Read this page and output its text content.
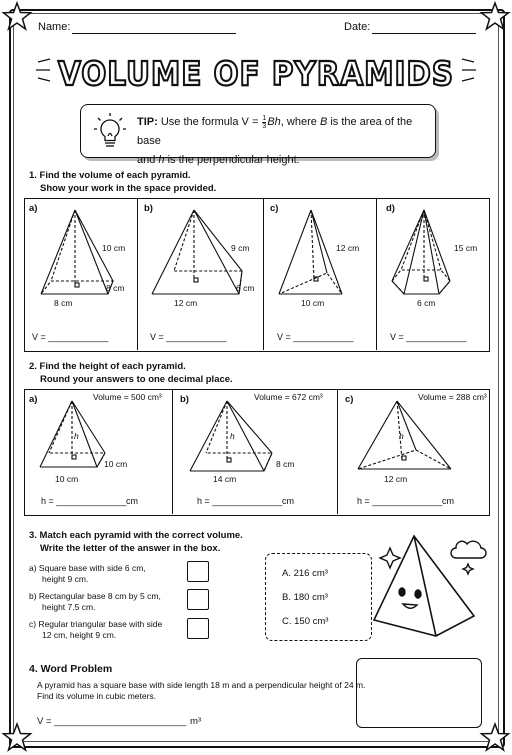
Name:	Date:
VOLUME OF PYRAMIDS
TIP: Use the formula $V = \frac{1}{3} Bh$, where B is the area of the base
and h is the perpendicular height.
1. Find the volume of each pyramid.
Show your work in the space provided.
a)	b)	c)	d)
10 cm
8 cm
8 cm
9 cm
6 cm
12 cm
12 cm
10 cm
15 cm
6 cm
V = ____________	V = ____________	V = ____________	V = ____________
2. Find the height of each pyramid.
Round your answers to one decimal place.
a)	b)	c)
Volume = 500 cm³	Volume = 672 cm³	Volume = 288 cm³
h	h	h
10 cm
10 cm
8 cm
14 cm	12 cm
h = ______________ cm	h = ______________ cm	h = ______________ cm
3. Match each pyramid with the correct volume.
Write the letter of the answer in the box.
a) Square base with side 6 cm,
height 9 cm.
b) Rectangular base 8 cm by 5 cm,
height 7.5 cm.
c) Regular triangular base with side
12 cm, height 9 cm.
A. 216 cm³
B. 180 cm³
C. 150 cm³
4. Word Problem
A pyramid has a square base with side length 18 m and a perpendicular height of 24 m.
Find its volume in cubic meters.
V = _________________________ m³
